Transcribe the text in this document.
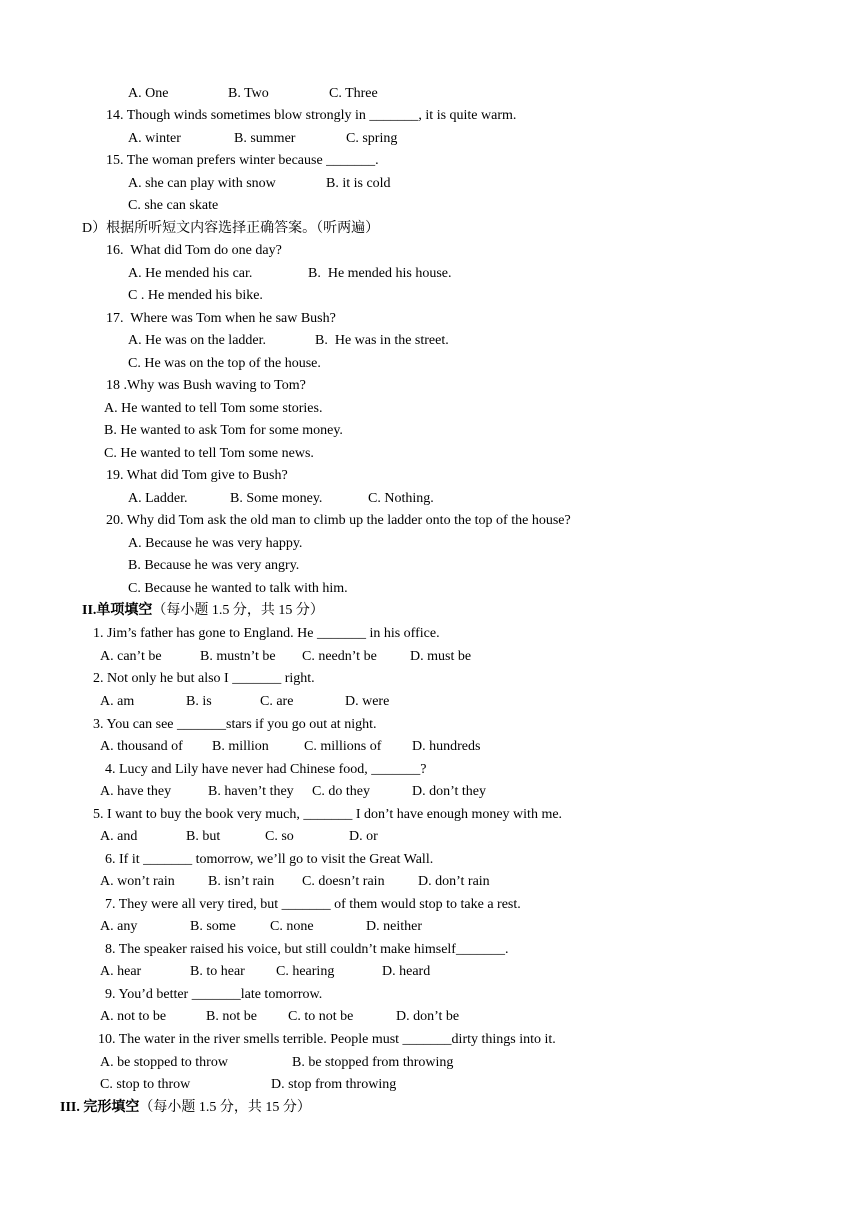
A. One	B. Two	C. Three
14. Though winds sometimes blow strongly in _______, it is quite warm.
A. winter	B. summer	C. spring
15. The woman prefers winter because _______.
A. she can play with snow	B. it is cold
C. she can skate
D）根据所听短文内容选择正确答案。（听两遍）
16.  What did Tom do one day?
A. He mended his car.	B.  He mended his house.
C . He mended his bike.
17.  Where was Tom when he saw Bush?
A. He was on the ladder.	B.  He was in the street.
C. He was on the top of the house.
18 .Why was Bush waving to Tom?
A. He wanted to tell Tom some stories.
B. He wanted to ask Tom for some money.
C. He wanted to tell Tom some news.
19. What did Tom give to Bush?
A. Ladder.	B. Some money.	C. Nothing.
20. Why did Tom ask the old man to climb up the ladder onto the top of the house?
A. Because he was very happy.
B. Because he was very angry.
C. Because he wanted to talk with him.
II.单项填空（每小题 1.5 分，共 15 分）
1. Jim’s father has gone to England. He _______ in his office.
A. can’t be	B. mustn’t be C. needn’t be D. must be
2. Not only he but also I _______ right.
A. am	B. is	C. are	D. were
3. You can see _______stars if you go out at night.
A. thousand of B. million	C. millions of D. hundreds
4. Lucy and Lily have never had Chinese food, _______?
A. have they	B. haven’t they C. do they	D. don’t they
5. I want to buy the book very much, _______ I don’t have enough money with me.
A. and	B. but	C. so	D. or
6. If it _______ tomorrow, we’ll go to visit the Great Wall.
A. won’t rain B. isn’t rain C. doesn’t rain D. don’t rain
7. They were all very tired, but _______ of them would stop to take a rest.
A. any	B. some C. none	D. neither
8. The speaker raised his voice, but still couldn’t make himself_______.
A. hear	B. to hear C. hearing	D. heard
9. You’d better _______late tomorrow.
A. not to be	B. not be C. to not be	D. don’t be
10. The water in the river smells terrible. People must _______dirty things into it.
A. be stopped to throw	B. be stopped from throwing
C. stop to throw	D. stop from throwing
III. 完形填空（每小题 1.5 分，共 15 分）
